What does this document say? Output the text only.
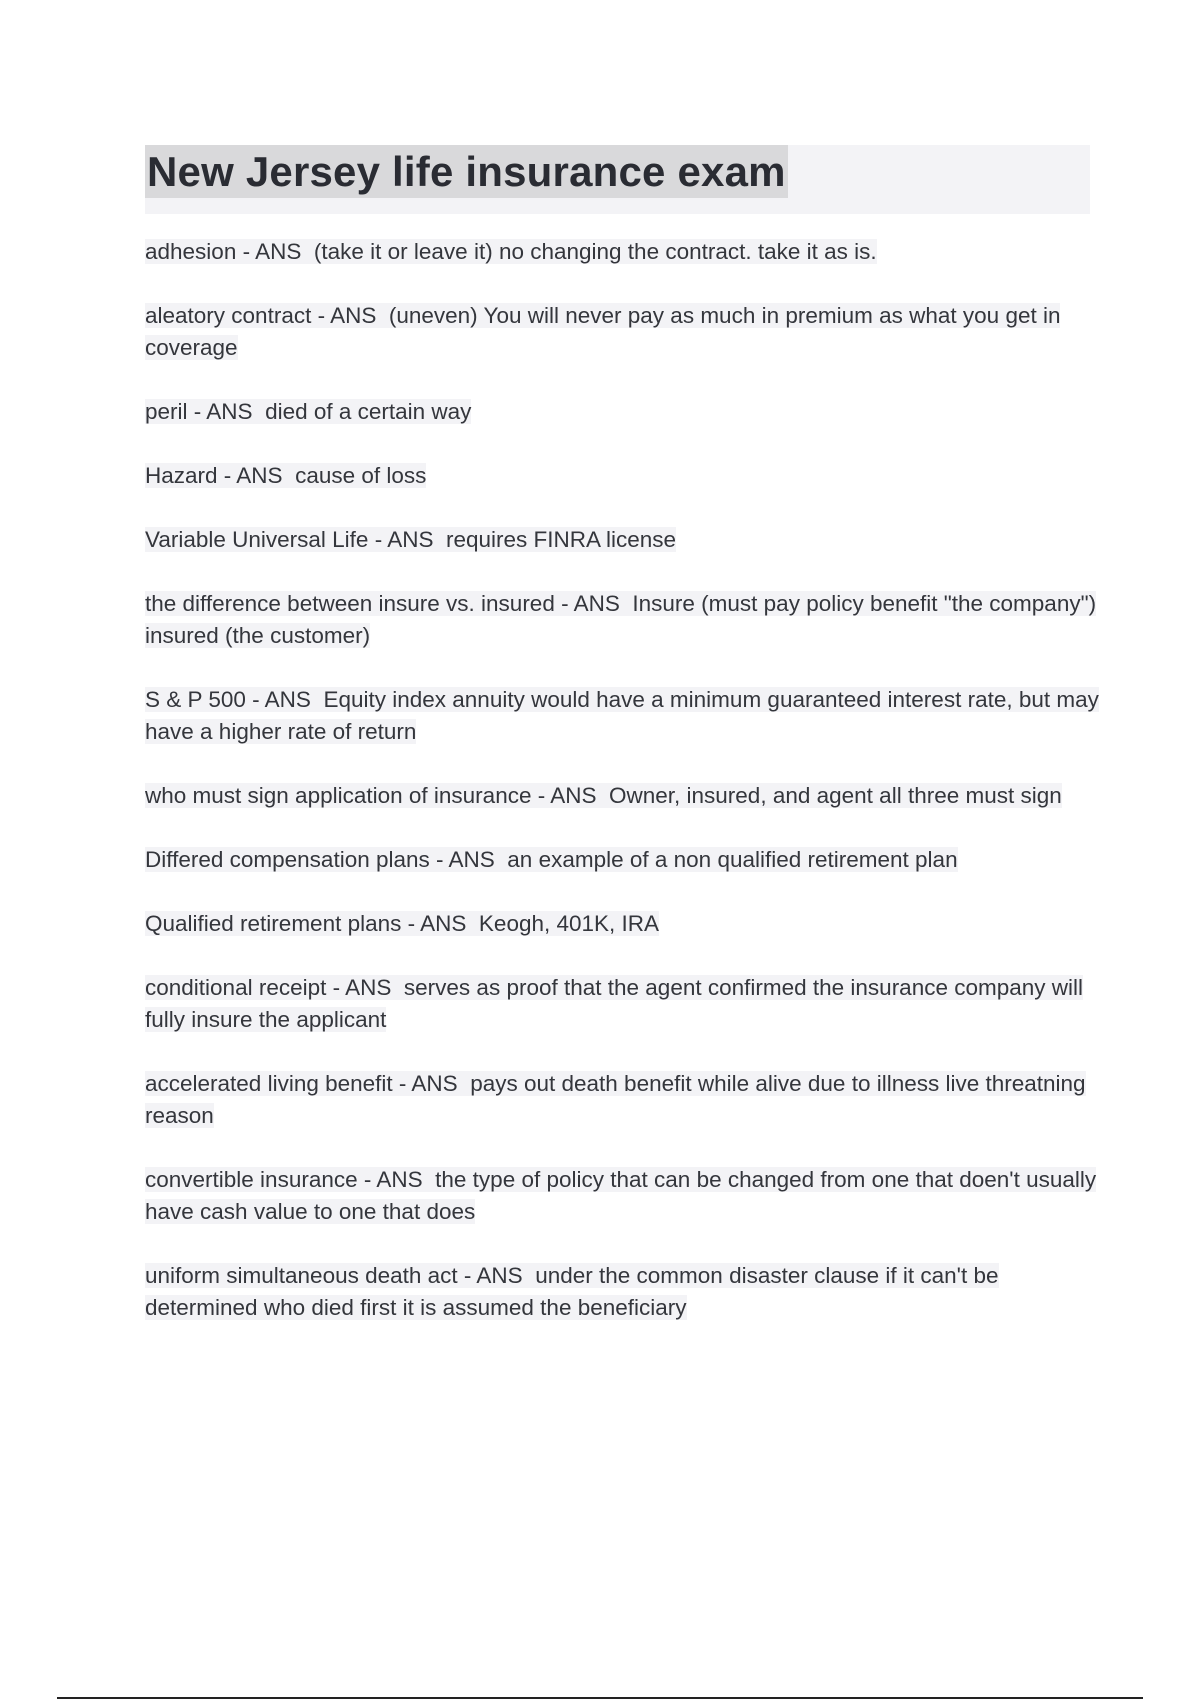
New Jersey life insurance exam
adhesion - ANS (take it or leave it) no changing the contract. take it as is.
aleatory contract - ANS (uneven) You will never pay as much in premium as what you get in coverage
peril - ANS died of a certain way
Hazard - ANS cause of loss
Variable Universal Life - ANS requires FINRA license
the difference between insure vs. insured - ANS Insure (must pay policy benefit "the company") insured (the customer)
S & P 500 - ANS Equity index annuity would have a minimum guaranteed interest rate, but may have a higher rate of return
who must sign application of insurance - ANS Owner, insured, and agent all three must sign
Differed compensation plans - ANS an example of a non qualified retirement plan
Qualified retirement plans - ANS Keogh, 401K, IRA
conditional receipt - ANS serves as proof that the agent confirmed the insurance company will fully insure the applicant
accelerated living benefit - ANS pays out death benefit while alive due to illness live threatning reason
convertible insurance - ANS the type of policy that can be changed from one that doen't usually have cash value to one that does
uniform simultaneous death act - ANS under the common disaster clause if it can't be determined who died first it is assumed the beneficiary
